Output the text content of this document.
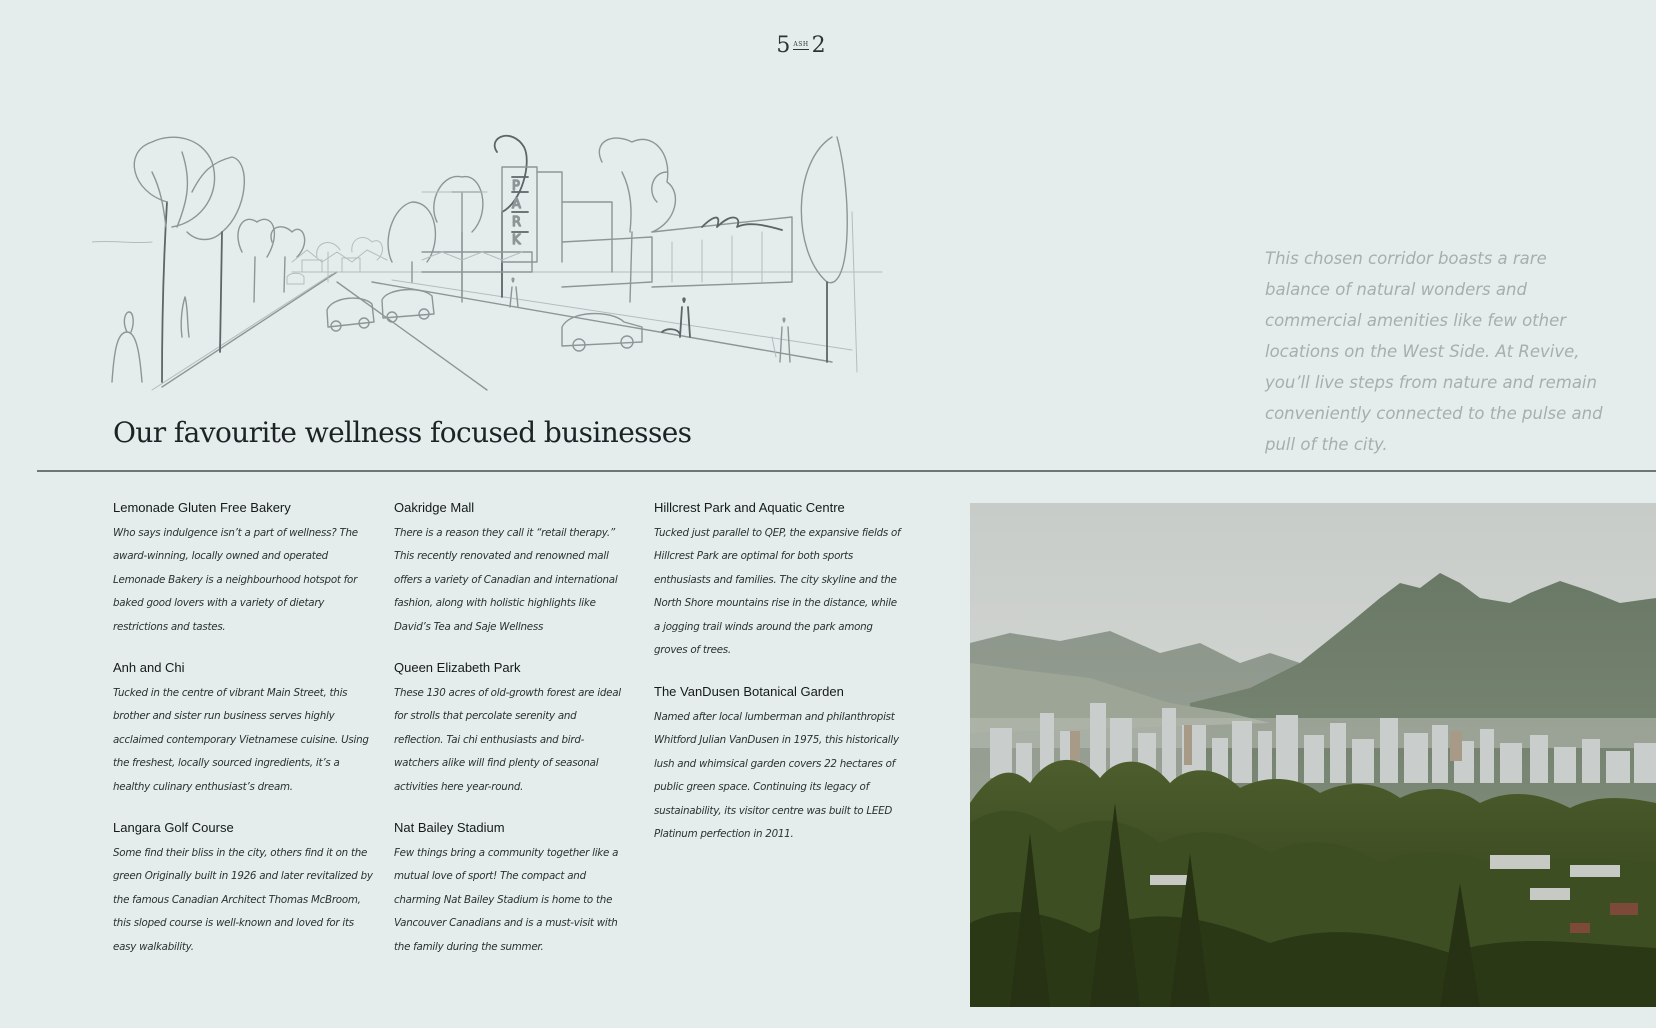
5 ASH 2
P
A
R
K

This chosen corridor boasts a rare balance of natural wonders and commercial amenities like few other locations on the West Side. At Revive, you’ll live steps from nature and remain conveniently connected to the pulse and pull of the city.

Our favourite wellness focused businesses
Lemonade Gluten Free Bakery

Who says indulgence isn’t a part of wellness? The award-winning, locally owned and operated Lemonade Bakery is a neighbourhood hotspot for baked good lovers with a variety of dietary restrictions and tastes.

Anh and Chi

Tucked in the centre of vibrant Main Street, this brother and sister run business serves highly acclaimed contemporary Vietnamese cuisine. Using the freshest, locally sourced ingredients, it’s a healthy culinary enthusiast’s dream.

Langara Golf Course

Some find their bliss in the city, others find it on the green Originally built in 1926 and later revitalized by the famous Canadian Architect Thomas McBroom, this sloped course is well-known and loved for its easy walkability.

Oakridge Mall

There is a reason they call it “retail therapy.” This recently renovated and renowned mall offers a variety of Canadian and international fashion, along with holistic highlights like David’s Tea and Saje Wellness

Queen Elizabeth Park

These 130 acres of old-growth forest are ideal for strolls that percolate serenity and reflection. Tai chi enthusiasts and bird-watchers alike will find plenty of seasonal activities here year-round.

Nat Bailey Stadium

Few things bring a community together like a mutual love of sport! The compact and charming Nat Bailey Stadium is home to the Vancouver Canadians and is a must-visit with the family during the summer.

Hillcrest Park and Aquatic Centre

Tucked just parallel to QEP, the expansive fields of Hillcrest Park are optimal for both sports enthusiasts and families. The city skyline and the North Shore mountains rise in the distance, while a jogging trail winds around the park among groves of trees.

The VanDusen Botanical Garden

Named after local lumberman and philanthropist Whitford Julian VanDusen in 1975, this historically lush and whimsical garden covers 22 hectares of public green space. Continuing its legacy of sustainability, its visitor centre was built to LEED Platinum perfection in 2011.
